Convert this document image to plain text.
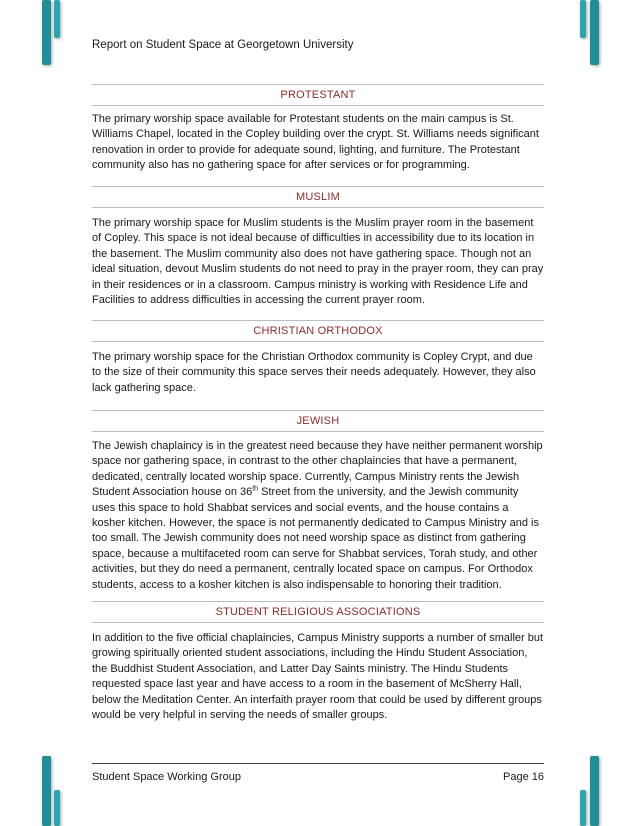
Report on Student Space at Georgetown University
PROTESTANT
The primary worship space available for Protestant students on the main campus is St. Williams Chapel, located in the Copley building over the crypt. St. Williams needs significant renovation in order to provide for adequate sound, lighting, and furniture. The Protestant community also has no gathering space for after services or for programming.
MUSLIM
The primary worship space for Muslim students is the Muslim prayer room in the basement of Copley. This space is not ideal because of difficulties in accessibility due to its location in the basement. The Muslim community also does not have gathering space. Though not an ideal situation, devout Muslim students do not need to pray in the prayer room, they can pray in their residences or in a classroom. Campus ministry is working with Residence Life and Facilities to address difficulties in accessing the current prayer room.
CHRISTIAN ORTHODOX
The primary worship space for the Christian Orthodox community is Copley Crypt, and due to the size of their community this space serves their needs adequately. However, they also lack gathering space.
JEWISH
The Jewish chaplaincy is in the greatest need because they have neither permanent worship space nor gathering space, in contrast to the other chaplaincies that have a permanent, dedicated, centrally located worship space. Currently, Campus Ministry rents the Jewish Student Association house on 36th Street from the university, and the Jewish community uses this space to hold Shabbat services and social events, and the house contains a kosher kitchen. However, the space is not permanently dedicated to Campus Ministry and is too small. The Jewish community does not need worship space as distinct from gathering space, because a multifaceted room can serve for Shabbat services, Torah study, and other activities, but they do need a permanent, centrally located space on campus. For Orthodox students, access to a kosher kitchen is also indispensable to honoring their tradition.
STUDENT RELIGIOUS ASSOCIATIONS
In addition to the five official chaplaincies, Campus Ministry supports a number of smaller but growing spiritually oriented student associations, including the Hindu Student Association, the Buddhist Student Association, and Latter Day Saints ministry. The Hindu Students requested space last year and have access to a room in the basement of McSherry Hall, below the Meditation Center. An interfaith prayer room that could be used by different groups would be very helpful in serving the needs of smaller groups.
Student Space Working Group	Page 16
